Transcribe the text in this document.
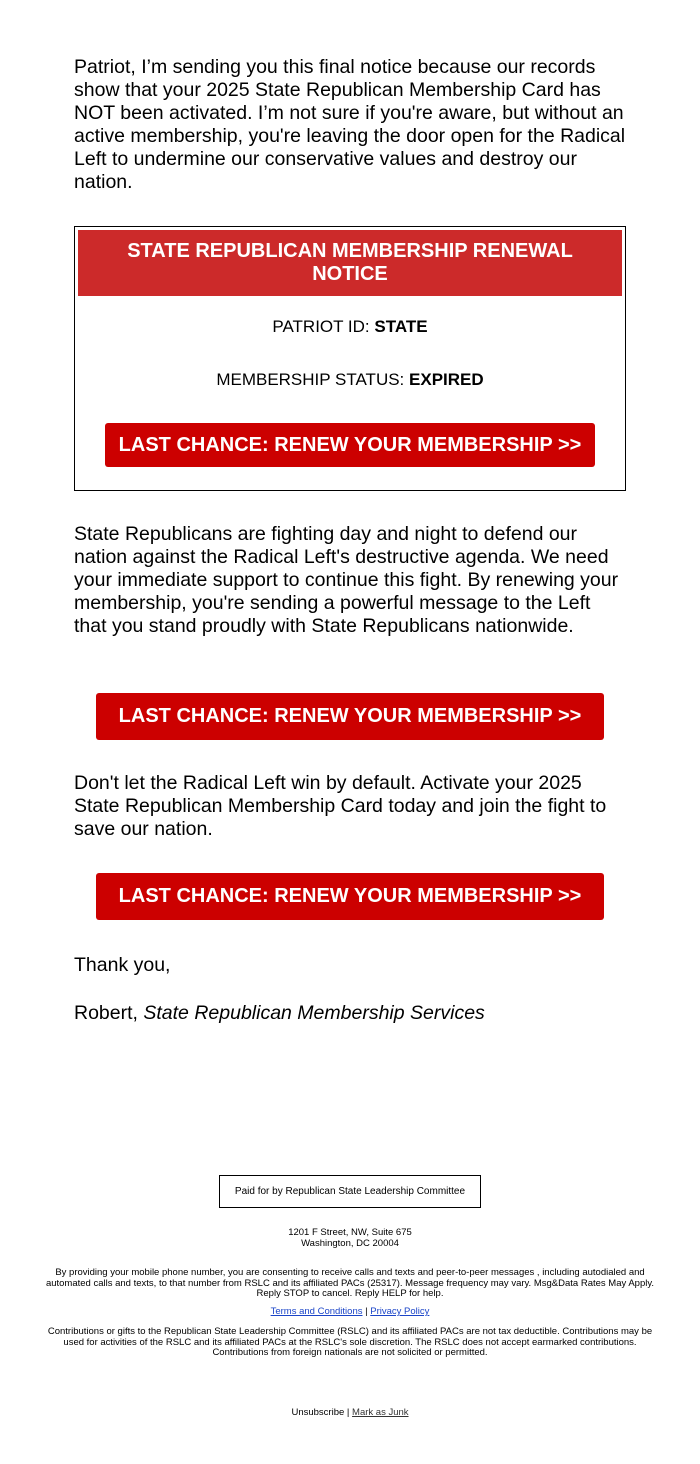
Patriot, I’m sending you this final notice because our records show that your 2025 State Republican Membership Card has NOT been activated. I’m not sure if you're aware, but without an active membership, you're leaving the door open for the Radical Left to undermine our conservative values and destroy our nation.

STATE REPUBLICAN MEMBERSHIP RENEWAL NOTICE
PATRIOT ID: STATE
MEMBERSHIP STATUS: EXPIRED
LAST CHANCE: RENEW YOUR MEMBERSHIP >>

State Republicans are fighting day and night to defend our nation against the Radical Left's destructive agenda. We need your immediate support to continue this fight. By renewing your membership, you're sending a powerful message to the Left that you stand proudly with State Republicans nationwide.

LAST CHANCE: RENEW YOUR MEMBERSHIP >>

Don't let the Radical Left win by default. Activate your 2025 State Republican Membership Card today and join the fight to save our nation.

LAST CHANCE: RENEW YOUR MEMBERSHIP >>

Thank you,

Robert, State Republican Membership Services

Paid for by Republican State Leadership Committee

1201 F Street, NW, Suite 675
Washington, DC 20004

By providing your mobile phone number, you are consenting to receive calls and texts and peer-to-peer messages , including autodialed and automated calls and texts, to that number from RSLC and its affiliated PACs (25317). Message frequency may vary. Msg&Data Rates May Apply. Reply STOP to cancel. Reply HELP for help.

Terms and Conditions | Privacy Policy

Contributions or gifts to the Republican State Leadership Committee (RSLC) and its affiliated PACs are not tax deductible. Contributions may be used for activities of the RSLC and its affiliated PACs at the RSLC's sole discretion. The RSLC does not accept earmarked contributions. Contributions from foreign nationals are not solicited or permitted.

Unsubscribe | Mark as Junk
